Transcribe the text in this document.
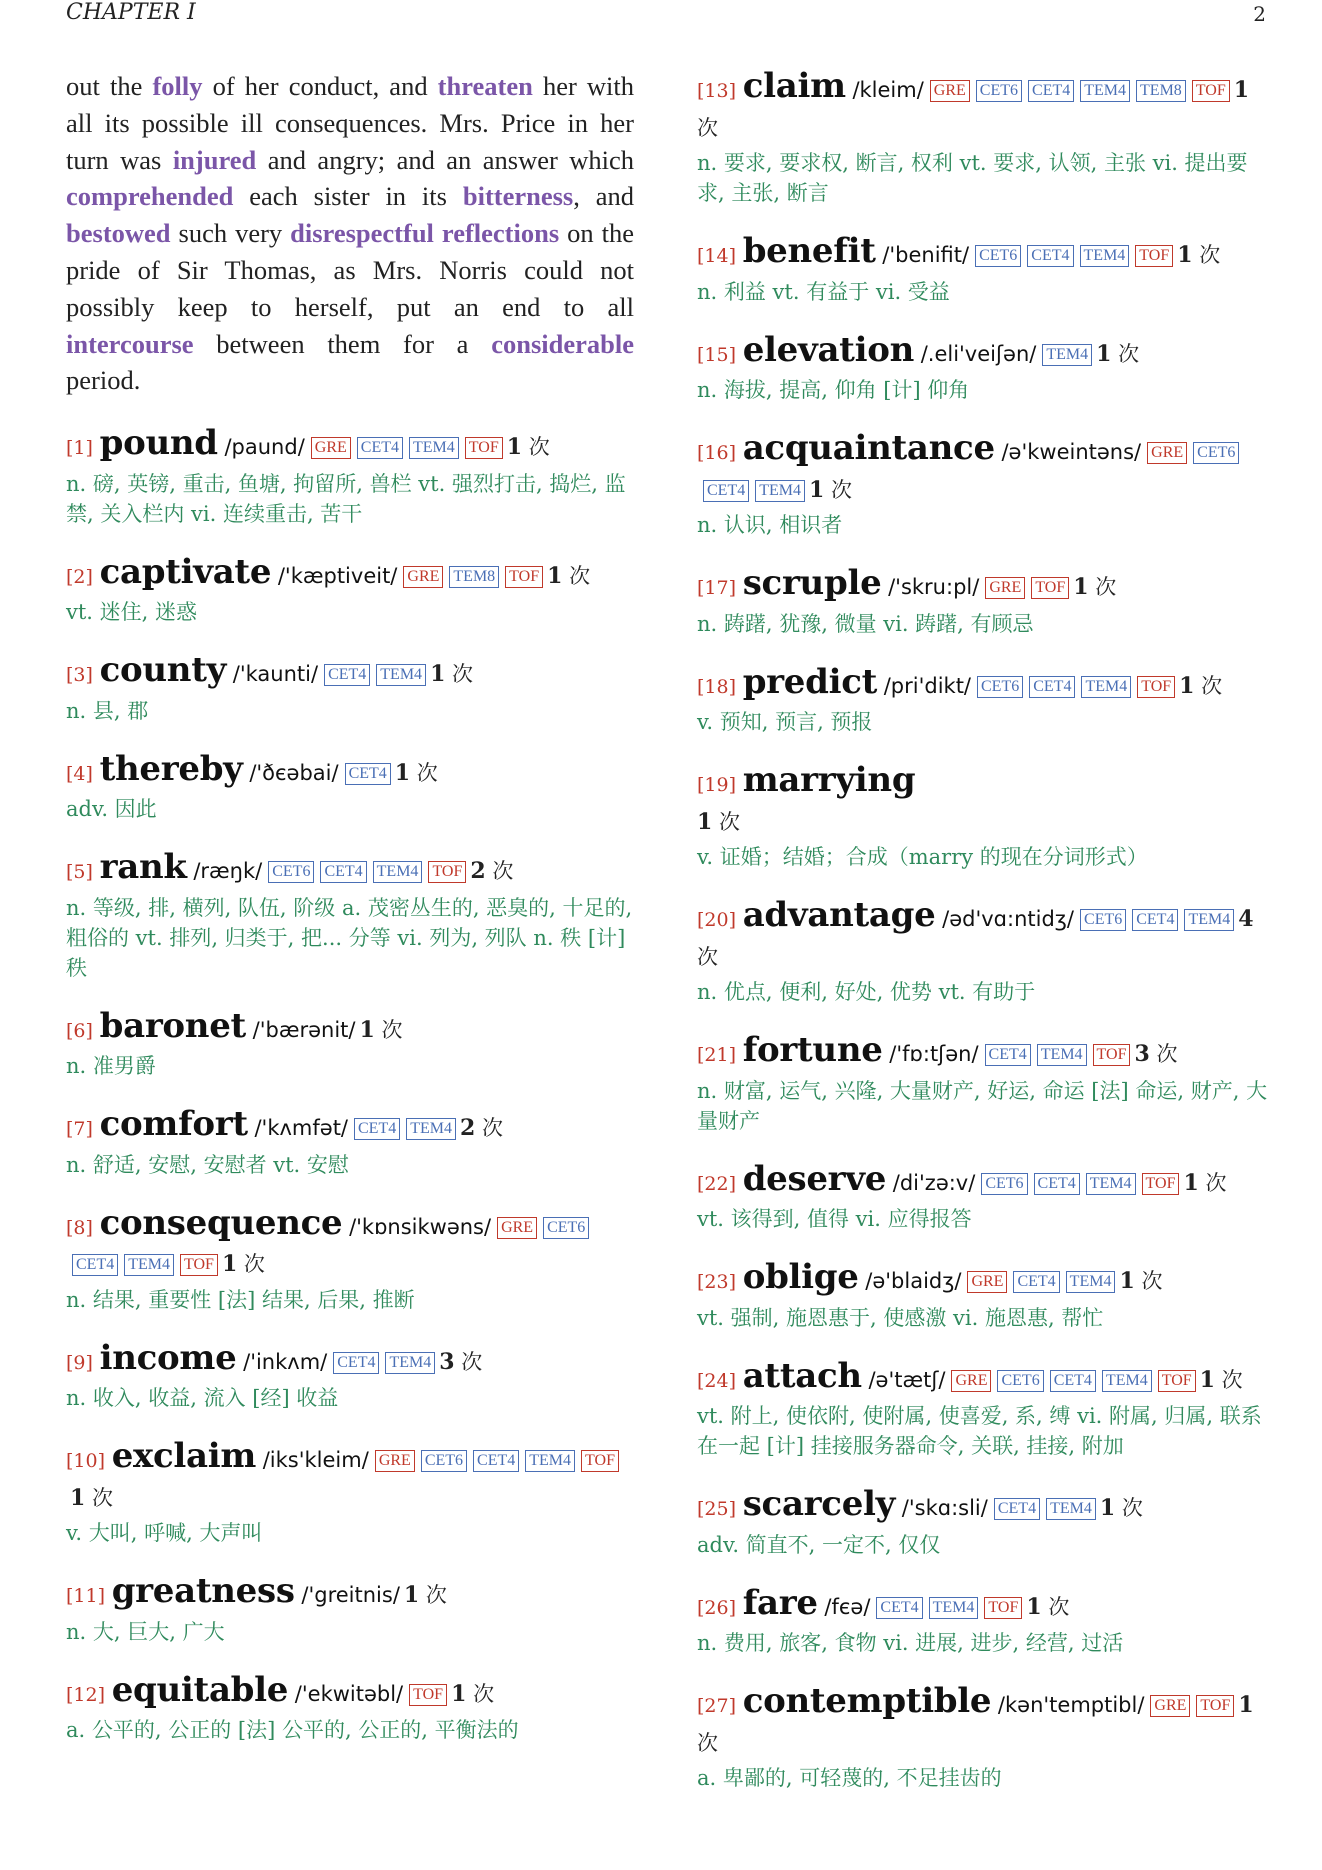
CHAPTER I	2

out the folly of her conduct, and threaten her with all its possible ill consequences. Mrs. Price in her turn was injured and angry; and an answer which comprehended each sister in its bitterness, and bestowed such very disrespectful reflections on the pride of Sir Thomas, as Mrs. Norris could not possibly keep to herself, put an end to all intercourse between them for a considerable period.

[1] pound /paund/ GRE CET4 TEM4 TOF 1 次
n. 磅, 英镑, 重击, 鱼塘, 拘留所, 兽栏 vt. 强烈打击, 捣烂, 监禁, 关入栏内 vi. 连续重击, 苦干
[2] captivate /'kæptiveit/ GRE TEM8 TOF 1 次
vt. 迷住, 迷惑
[3] county /'kaunti/ CET4 TEM4 1 次
n. 县, 郡
[4] thereby /'ðєəbai/ CET4 1 次
adv. 因此
[5] rank /ræŋk/ CET6 CET4 TEM4 TOF 2 次
n. 等级, 排, 横列, 队伍, 阶级 a. 茂密丛生的, 恶臭的, 十足的, 粗俗的 vt. 排列, 归类于, 把... 分等 vi. 列为, 列队 n. 秩 [计] 秩
[6] baronet /'bærənit/ 1 次
n. 准男爵
[7] comfort /'kʌmfət/ CET4 TEM4 2 次
n. 舒适, 安慰, 安慰者 vt. 安慰
[8] consequence /'kɒnsikwəns/ GRE CET6CET4 TEM4 TOF 1 次
n. 结果, 重要性 [法] 结果, 后果, 推断
[9] income /'inkʌm/ CET4 TEM4 3 次
n. 收入, 收益, 流入 [经] 收益
[10] exclaim /iks'kleim/ GRE CET6 CET4 TEM4 TOF1 次
v. 大叫, 呼喊, 大声叫
[11] greatness /'greitnis/ 1 次
n. 大, 巨大, 广大
[12] equitable /'ekwitəbl/ TOF 1 次
a. 公平的, 公正的 [法] 公平的, 公正的, 平衡法的
[13] claim /kleim/ GRE CET6 CET4 TEM4 TEM8 TOF 1 次
n. 要求, 要求权, 断言, 权利 vt. 要求, 认领, 主张 vi. 提出要求, 主张, 断言
[14] benefit /'benifit/ CET6 CET4 TEM4 TOF 1 次
n. 利益 vt. 有益于 vi. 受益
[15] elevation /.eli'veiʃən/ TEM4 1 次
n. 海拔, 提高, 仰角 [计] 仰角
[16] acquaintance /ə'kweintəns/ GRE CET6CET4 TEM4 1 次
n. 认识, 相识者
[17] scruple /'skru:pl/ GRE TOF 1 次
n. 踌躇, 犹豫, 微量 vi. 踌躇, 有顾忌
[18] predict /pri'dikt/ CET6 CET4 TEM4 TOF 1 次
v. 预知, 预言, 预报
[19] marrying
1 次
v. 证婚；结婚；合成（marry 的现在分词形式）
[20] advantage /əd'vɑ:ntidʒ/ CET6 CET4 TEM4 4 次
n. 优点, 便利, 好处, 优势 vt. 有助于
[21] fortune /'fɒ:tʃən/ CET4 TEM4 TOF 3 次
n. 财富, 运气, 兴隆, 大量财产, 好运, 命运 [法] 命运, 财产, 大量财产
[22] deserve /di'zə:v/ CET6 CET4 TEM4 TOF 1 次
vt. 该得到, 值得 vi. 应得报答
[23] oblige /ə'blaidʒ/ GRE CET4 TEM4 1 次
vt. 强制, 施恩惠于, 使感激 vi. 施恩惠, 帮忙
[24] attach /ə'tætʃ/ GRE CET6 CET4 TEM4 TOF 1 次
vt. 附上, 使依附, 使附属, 使喜爱, 系, 缚 vi. 附属, 归属, 联系在一起 [计] 挂接服务器命令, 关联, 挂接, 附加
[25] scarcely /'skɑ:sli/ CET4 TEM4 1 次
adv. 简直不, 一定不, 仅仅
[26] fare /fєə/ CET4 TEM4 TOF 1 次
n. 费用, 旅客, 食物 vi. 进展, 进步, 经营, 过活
[27] contemptible /kən'temptibl/ GRE TOF 1 次
a. 卑鄙的, 可轻蔑的, 不足挂齿的
